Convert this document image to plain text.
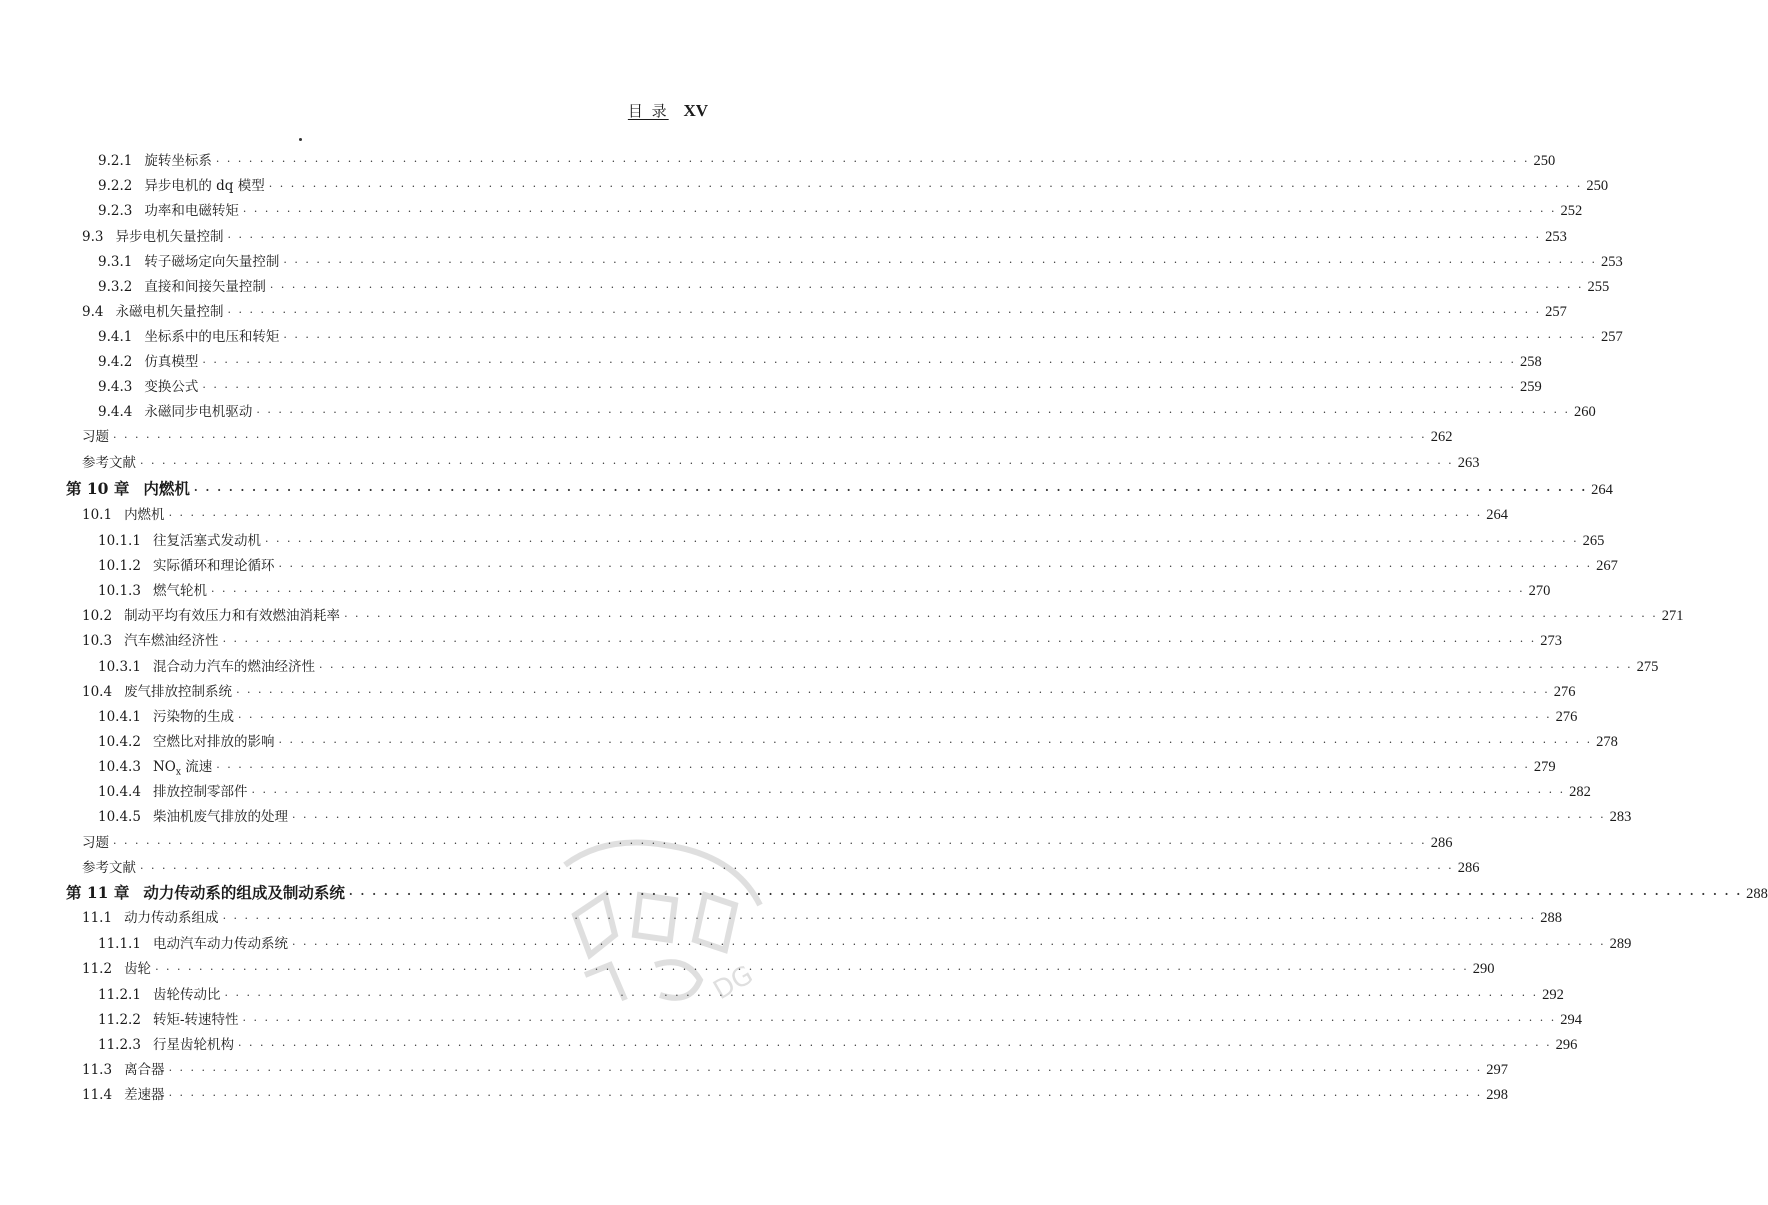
目 录 XV
9.2.1 旋转坐标系 · · · · · · · · · · · · · · · · · · · · · · · · · · · · · · · · · · · · · · · · · · · · · · · · · · · · · · · · · · · · · · · · · · · · · · · · · · · · · · · · · · · · · · · · · · · · · · · · · · · · · · · · · · · · · · · · · · · · · · · · 250
9.2.2 异步电机的 dq 模型 · · · · · · · · · · · · · · · · · · · · · · · · · · · · · · · · · · · · · · · · · · · · · · · · · · · · · · · · · · · · · · · · · · · · · · · · · · · · · · · · · · · · · · · · · · · · · · · · · · · · · · · · · · · · · · · · · · · · · · · · 250
9.2.3 功率和电磁转矩 · · · · · · · · · · · · · · · · · · · · · · · · · · · · · · · · · · · · · · · · · · · · · · · · · · · · · · · · · · · · · · · · · · · · · · · · · · · · · · · · · · · · · · · · · · · · · · · · · · · · · · · · · · · · · · · · · · · · · · · · 252
9.3 异步电机矢量控制 · · · · · · · · · · · · · · · · · · · · · · · · · · · · · · · · · · · · · · · · · · · · · · · · · · · · · · · · · · · · · · · · · · · · · · · · · · · · · · · · · · · · · · · · · · · · · · · · · · · · · · · · · · · · · · · · · · · · · · · · 253
9.3.1 转子磁场定向矢量控制 · · · · · · · · · · · · · · · · · · · · · · · · · · · · · · · · · · · · · · · · · · · · · · · · · · · · · · · · · · · · · · · · · · · · · · · · · · · · · · · · · · · · · · · · · · · · · · · · · · · · · · · · · · · · · · · · · · · · · · · · 253
9.3.2 直接和间接矢量控制 · · · · · · · · · · · · · · · · · · · · · · · · · · · · · · · · · · · · · · · · · · · · · · · · · · · · · · · · · · · · · · · · · · · · · · · · · · · · · · · · · · · · · · · · · · · · · · · · · · · · · · · · · · · · · · · · · · · · · · · · 255
9.4 永磁电机矢量控制 · · · · · · · · · · · · · · · · · · · · · · · · · · · · · · · · · · · · · · · · · · · · · · · · · · · · · · · · · · · · · · · · · · · · · · · · · · · · · · · · · · · · · · · · · · · · · · · · · · · · · · · · · · · · · · · · · · · · · · · · 257
9.4.1 坐标系中的电压和转矩 · · · · · · · · · · · · · · · · · · · · · · · · · · · · · · · · · · · · · · · · · · · · · · · · · · · · · · · · · · · · · · · · · · · · · · · · · · · · · · · · · · · · · · · · · · · · · · · · · · · · · · · · · · · · · · · · · · · · · · · · 257
9.4.2 仿真模型 · · · · · · · · · · · · · · · · · · · · · · · · · · · · · · · · · · · · · · · · · · · · · · · · · · · · · · · · · · · · · · · · · · · · · · · · · · · · · · · · · · · · · · · · · · · · · · · · · · · · · · · · · · · · · · · · · · · · · · · · 258
9.4.3 变换公式 · · · · · · · · · · · · · · · · · · · · · · · · · · · · · · · · · · · · · · · · · · · · · · · · · · · · · · · · · · · · · · · · · · · · · · · · · · · · · · · · · · · · · · · · · · · · · · · · · · · · · · · · · · · · · · · · · · · · · · · · 259
9.4.4 永磁同步电机驱动 · · · · · · · · · · · · · · · · · · · · · · · · · · · · · · · · · · · · · · · · · · · · · · · · · · · · · · · · · · · · · · · · · · · · · · · · · · · · · · · · · · · · · · · · · · · · · · · · · · · · · · · · · · · · · · · · · · · · · · · · 260
习题 · · · · · · · · · · · · · · · · · · · · · · · · · · · · · · · · · · · · · · · · · · · · · · · · · · · · · · · · · · · · · · · · · · · · · · · · · · · · · · · · · · · · · · · · · · · · · · · · · · · · · · · · · · · · · · · · · · · · · · · · 262
参考文献 · · · · · · · · · · · · · · · · · · · · · · · · · · · · · · · · · · · · · · · · · · · · · · · · · · · · · · · · · · · · · · · · · · · · · · · · · · · · · · · · · · · · · · · · · · · · · · · · · · · · · · · · · · · · · · · · · · · · · · · · 263
第 10 章 内燃机 · · · · · · · · · · · · · · · · · · · · · · · · · · · · · · · · · · · · · · · · · · · · · · · · · · · · · · · · · · · · · · · · · · · · · · · · · · · · · · · · · · · · · · · · · · · · · · · · · · · · · · · · · · · · · · · · · · · · · · · · 264
10.1 内燃机 · · · · · · · · · · · · · · · · · · · · · · · · · · · · · · · · · · · · · · · · · · · · · · · · · · · · · · · · · · · · · · · · · · · · · · · · · · · · · · · · · · · · · · · · · · · · · · · · · · · · · · · · · · · · · · · · · · · · · · · · 264
10.1.1 往复活塞式发动机 · · · · · · · · · · · · · · · · · · · · · · · · · · · · · · · · · · · · · · · · · · · · · · · · · · · · · · · · · · · · · · · · · · · · · · · · · · · · · · · · · · · · · · · · · · · · · · · · · · · · · · · · · · · · · · · · · · · · · · · · 265
10.1.2 实际循环和理论循环 · · · · · · · · · · · · · · · · · · · · · · · · · · · · · · · · · · · · · · · · · · · · · · · · · · · · · · · · · · · · · · · · · · · · · · · · · · · · · · · · · · · · · · · · · · · · · · · · · · · · · · · · · · · · · · · · · · · · · · · · 267
10.1.3 燃气轮机 · · · · · · · · · · · · · · · · · · · · · · · · · · · · · · · · · · · · · · · · · · · · · · · · · · · · · · · · · · · · · · · · · · · · · · · · · · · · · · · · · · · · · · · · · · · · · · · · · · · · · · · · · · · · · · · · · · · · · · · · 270
10.2 制动平均有效压力和有效燃油消耗率 · · · · · · · · · · · · · · · · · · · · · · · · · · · · · · · · · · · · · · · · · · · · · · · · · · · · · · · · · · · · · · · · · · · · · · · · · · · · · · · · · · · · · · · · · · · · · · · · · · · · · · · · · · · · · · · · · · · · · · · · 271
10.3 汽车燃油经济性 · · · · · · · · · · · · · · · · · · · · · · · · · · · · · · · · · · · · · · · · · · · · · · · · · · · · · · · · · · · · · · · · · · · · · · · · · · · · · · · · · · · · · · · · · · · · · · · · · · · · · · · · · · · · · · · · · · · · · · · · 273
10.3.1 混合动力汽车的燃油经济性 · · · · · · · · · · · · · · · · · · · · · · · · · · · · · · · · · · · · · · · · · · · · · · · · · · · · · · · · · · · · · · · · · · · · · · · · · · · · · · · · · · · · · · · · · · · · · · · · · · · · · · · · · · · · · · · · · · · · · · · · 275
10.4 废气排放控制系统 · · · · · · · · · · · · · · · · · · · · · · · · · · · · · · · · · · · · · · · · · · · · · · · · · · · · · · · · · · · · · · · · · · · · · · · · · · · · · · · · · · · · · · · · · · · · · · · · · · · · · · · · · · · · · · · · · · · · · · · · 276
10.4.1 污染物的生成 · · · · · · · · · · · · · · · · · · · · · · · · · · · · · · · · · · · · · · · · · · · · · · · · · · · · · · · · · · · · · · · · · · · · · · · · · · · · · · · · · · · · · · · · · · · · · · · · · · · · · · · · · · · · · · · · · · · · · · · · 276
10.4.2 空燃比对排放的影响 · · · · · · · · · · · · · · · · · · · · · · · · · · · · · · · · · · · · · · · · · · · · · · · · · · · · · · · · · · · · · · · · · · · · · · · · · · · · · · · · · · · · · · · · · · · · · · · · · · · · · · · · · · · · · · · · · · · · · · · · 278
10.4.3 $NO_x$ 流速 · · · · · · · · · · · · · · · · · · · · · · · · · · · · · · · · · · · · · · · · · · · · · · · · · · · · · · · · · · · · · · · · · · · · · · · · · · · · · · · · · · · · · · · · · · · · · · · · · · · · · · · · · · · · · · · · · · · · · · · · 279
10.4.4 排放控制零部件 · · · · · · · · · · · · · · · · · · · · · · · · · · · · · · · · · · · · · · · · · · · · · · · · · · · · · · · · · · · · · · · · · · · · · · · · · · · · · · · · · · · · · · · · · · · · · · · · · · · · · · · · · · · · · · · · · · · · · · · · 282
10.4.5 柴油机废气排放的处理 · · · · · · · · · · · · · · · · · · · · · · · · · · · · · · · · · · · · · · · · · · · · · · · · · · · · · · · · · · · · · · · · · · · · · · · · · · · · · · · · · · · · · · · · · · · · · · · · · · · · · · · · · · · · · · · · · · · · · · · · 283
习题 · · · · · · · · · · · · · · · · · · · · · · · · · · · · · · · · · · · · · · · · · · · · · · · · · · · · · · · · · · · · · · · · · · · · · · · · · · · · · · · · · · · · · · · · · · · · · · · · · · · · · · · · · · · · · · · · · · · · · · · · 286
参考文献 · · · · · · · · · · · · · · · · · · · · · · · · · · · · · · · · · · · · · · · · · · · · · · · · · · · · · · · · · · · · · · · · · · · · · · · · · · · · · · · · · · · · · · · · · · · · · · · · · · · · · · · · · · · · · · · · · · · · · · · · 286
第 11 章 动力传动系的组成及制动系统 · · · · · · · · · · · · · · · · · · · · · · · · · · · · · · · · · · · · · · · · · · · · · · · · · · · · · · · · · · · · · · · · · · · · · · · · · · · · · · · · · · · · · · · · · · · · · · · · · · · · · · · · · · · · · · · · · · · · · · · · 288
11.1 动力传动系组成 · · · · · · · · · · · · · · · · · · · · · · · · · · · · · · · · · · · · · · · · · · · · · · · · · · · · · · · · · · · · · · · · · · · · · · · · · · · · · · · · · · · · · · · · · · · · · · · · · · · · · · · · · · · · · · · · · · · · · · · · 288
11.1.1 电动汽车动力传动系统 · · · · · · · · · · · · · · · · · · · · · · · · · · · · · · · · · · · · · · · · · · · · · · · · · · · · · · · · · · · · · · · · · · · · · · · · · · · · · · · · · · · · · · · · · · · · · · · · · · · · · · · · · · · · · · · · · · · · · · · · 289
11.2 齿轮 · · · · · · · · · · · · · · · · · · · · · · · · · · · · · · · · · · · · · · · · · · · · · · · · · · · · · · · · · · · · · · · · · · · · · · · · · · · · · · · · · · · · · · · · · · · · · · · · · · · · · · · · · · · · · · · · · · · · · · · · 290
11.2.1 齿轮传动比 · · · · · · · · · · · · · · · · · · · · · · · · · · · · · · · · · · · · · · · · · · · · · · · · · · · · · · · · · · · · · · · · · · · · · · · · · · · · · · · · · · · · · · · · · · · · · · · · · · · · · · · · · · · · · · · · · · · · · · · · 292
11.2.2 转矩-转速特性 · · · · · · · · · · · · · · · · · · · · · · · · · · · · · · · · · · · · · · · · · · · · · · · · · · · · · · · · · · · · · · · · · · · · · · · · · · · · · · · · · · · · · · · · · · · · · · · · · · · · · · · · · · · · · · · · · · · · · · · · 294
11.2.3 行星齿轮机构 · · · · · · · · · · · · · · · · · · · · · · · · · · · · · · · · · · · · · · · · · · · · · · · · · · · · · · · · · · · · · · · · · · · · · · · · · · · · · · · · · · · · · · · · · · · · · · · · · · · · · · · · · · · · · · · · · · · · · · · · 296
11.3 离合器 · · · · · · · · · · · · · · · · · · · · · · · · · · · · · · · · · · · · · · · · · · · · · · · · · · · · · · · · · · · · · · · · · · · · · · · · · · · · · · · · · · · · · · · · · · · · · · · · · · · · · · · · · · · · · · · · · · · · · · · · 297
11.4 差速器 · · · · · · · · · · · · · · · · · · · · · · · · · · · · · · · · · · · · · · · · · · · · · · · · · · · · · · · · · · · · · · · · · · · · · · · · · · · · · · · · · · · · · · · · · · · · · · · · · · · · · · · · · · · · · · · · · · · · · · · · 298
DG
